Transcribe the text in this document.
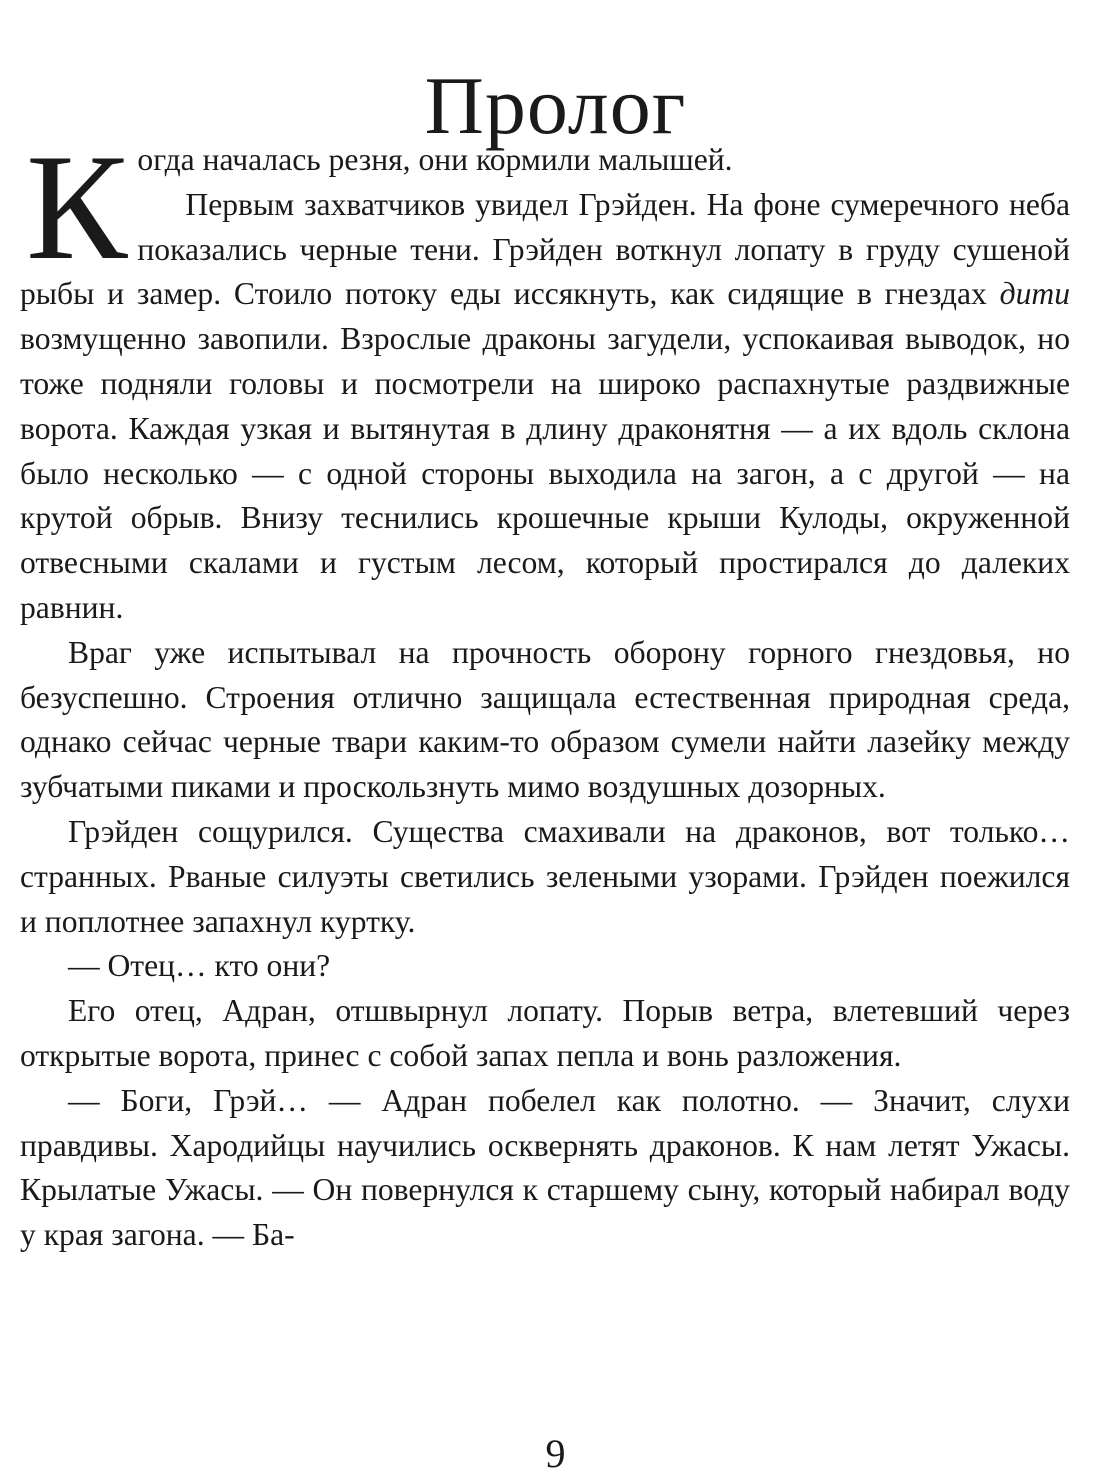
Пролог

Когда началась резня, они кормили малышей.

Первым захватчиков увидел Грэйден. На фоне сумеречного неба показались черные тени. Грэйден воткнул лопату в груду сушеной рыбы и замер. Стоило потоку еды иссякнуть, как сидящие в гнездах дити возмущенно завопили. Взрослые драконы загудели, успокаивая выводок, но тоже подняли головы и посмотрели на широко распахнутые раздвижные ворота. Каждая узкая и вытянутая в длину драконятня — а их вдоль склона было несколько — с одной стороны выходила на загон, а с другой — на крутой обрыв. Внизу теснились крошечные крыши Кулоды, окруженной отвесными скалами и густым лесом, который простирался до далеких равнин.

Враг уже испытывал на прочность оборону горного гнездовья, но безуспешно. Строения отлично защищала естественная природная среда, однако сейчас черные твари каким-то образом сумели найти лазейку между зубчатыми пиками и проскользнуть мимо воздушных дозорных.

Грэйден сощурился. Существа смахивали на драконов, вот только… странных. Рваные силуэты светились зелеными узорами. Грэйден поежился и поплотнее запахнул куртку.

— Отец… кто они?

Его отец, Адран, отшвырнул лопату. Порыв ветра, влетевший через открытые ворота, принес с собой запах пепла и вонь разложения.

— Боги, Грэй… — Адран побелел как полотно. — Значит, слухи правдивы. Хародийцы научились осквернять драконов. К нам летят Ужасы. Крылатые Ужасы. — Он повернулся к старшему сыну, который набирал воду у края загона. — Ба-

9
